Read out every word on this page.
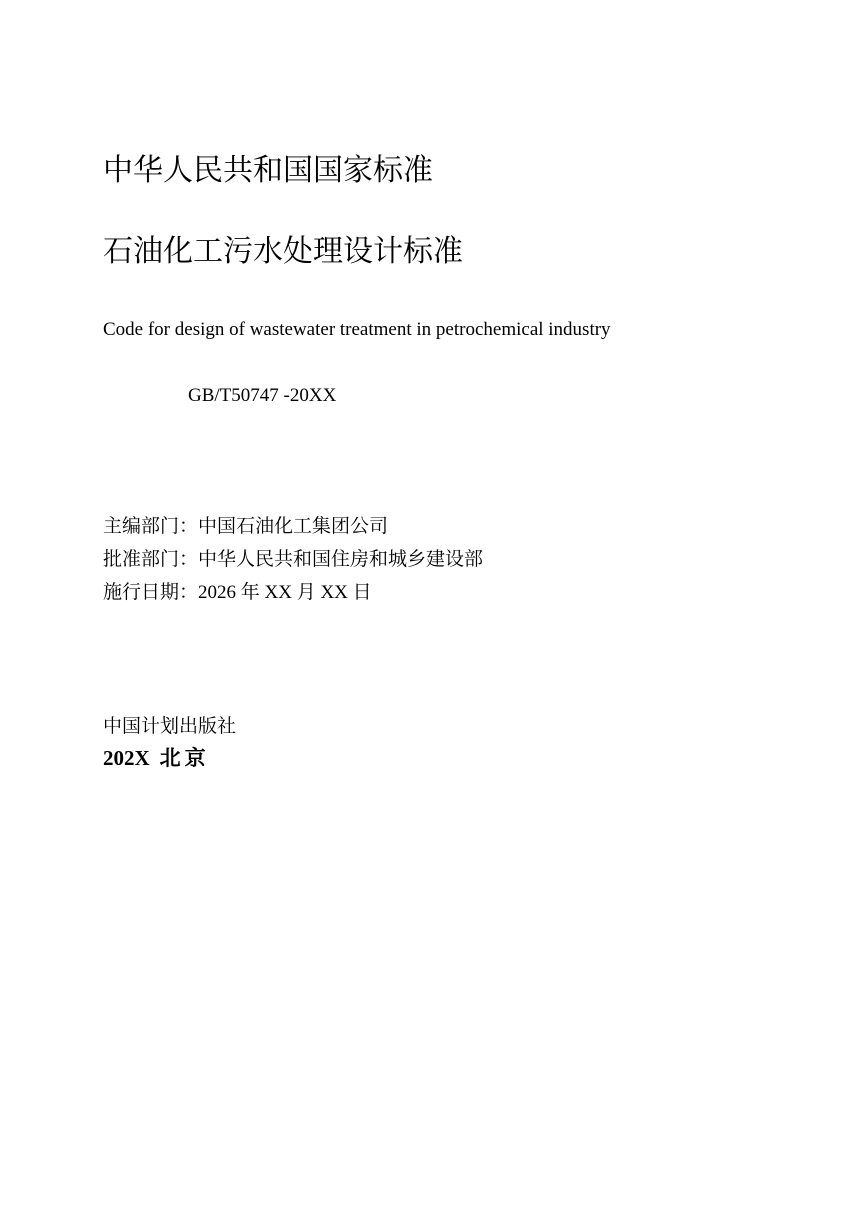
中华人民共和国国家标准
石油化工污水处理设计标准
Code for design of wastewater treatment in petrochemical industry
GB/T50747 -20XX
主编部门：中国石油化工集团公司
批准部门：中华人民共和国住房和城乡建设部
施行日期：2026 年 XX 月 XX 日
中国计划出版社
202X 北京
